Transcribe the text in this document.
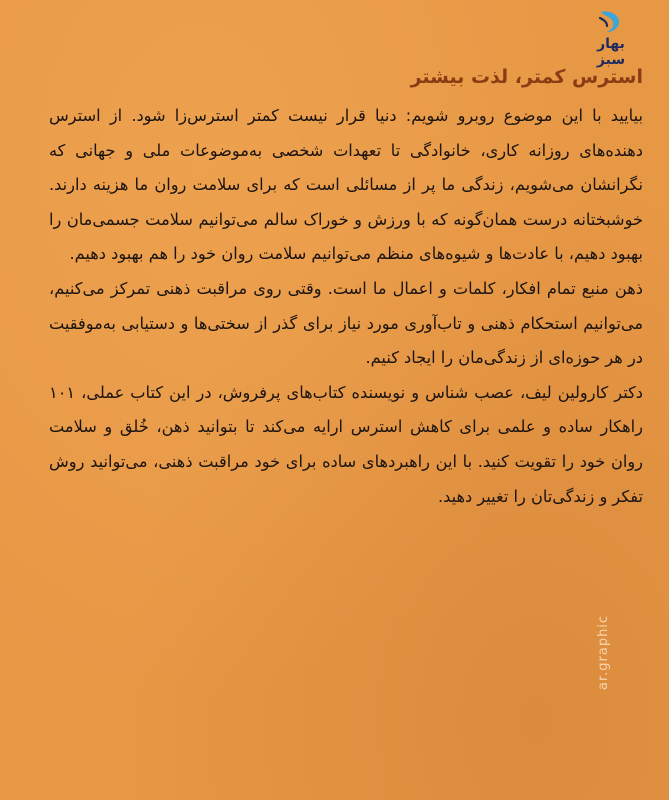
بهار سبز
استرس کمتر، لذت بیشتر

بیایید با این موضوع روبرو شویم: دنیا قرار نیست کمتر استرس‌زا شود. از استرس دهنده‌های روزانه کاری، خانوادگی تا تعهدات شخصی به‌موضوعات ملی و جهانی که نگرانشان می‌شویم، زندگی ما پر از مسائلی است که برای سلامت روان ما هزینه دارند. خوشبختانه درست همان‌گونه که با ورزش و خوراک سالم می‌توانیم سلامت جسمی‌مان را بهبود دهیم، با عادت‌ها و شیوه‌های منظم می‌توانیم سلامت روان خود را هم بهبود دهیم.

ذهن منبع تمام افکار، کلمات و اعمال ما است. وقتی روی مراقبت ذهنی تمرکز می‌کنیم، می‌توانیم استحکام ذهنی و تاب‌آوری مورد نیاز برای گذر از سختی‌ها و دستیابی به‌موفقیت در هر حوزه‌ای از زندگی‌مان را ایجاد کنیم.

دکتر کارولین لیف، عصب شناس و نویسنده کتاب‌های پرفروش، در این کتاب عملی، ۱۰۱ راهکار ساده و علمی برای کاهش استرس ارایه می‌کند تا بتوانید ذهن، خُلق و سلامت روان خود را تقویت کنید. با این راهبردهای ساده برای خود مراقبت ذهنی، می‌توانید روش تفکر و زندگی‌تان را تغییر دهید.

ar.graphic
